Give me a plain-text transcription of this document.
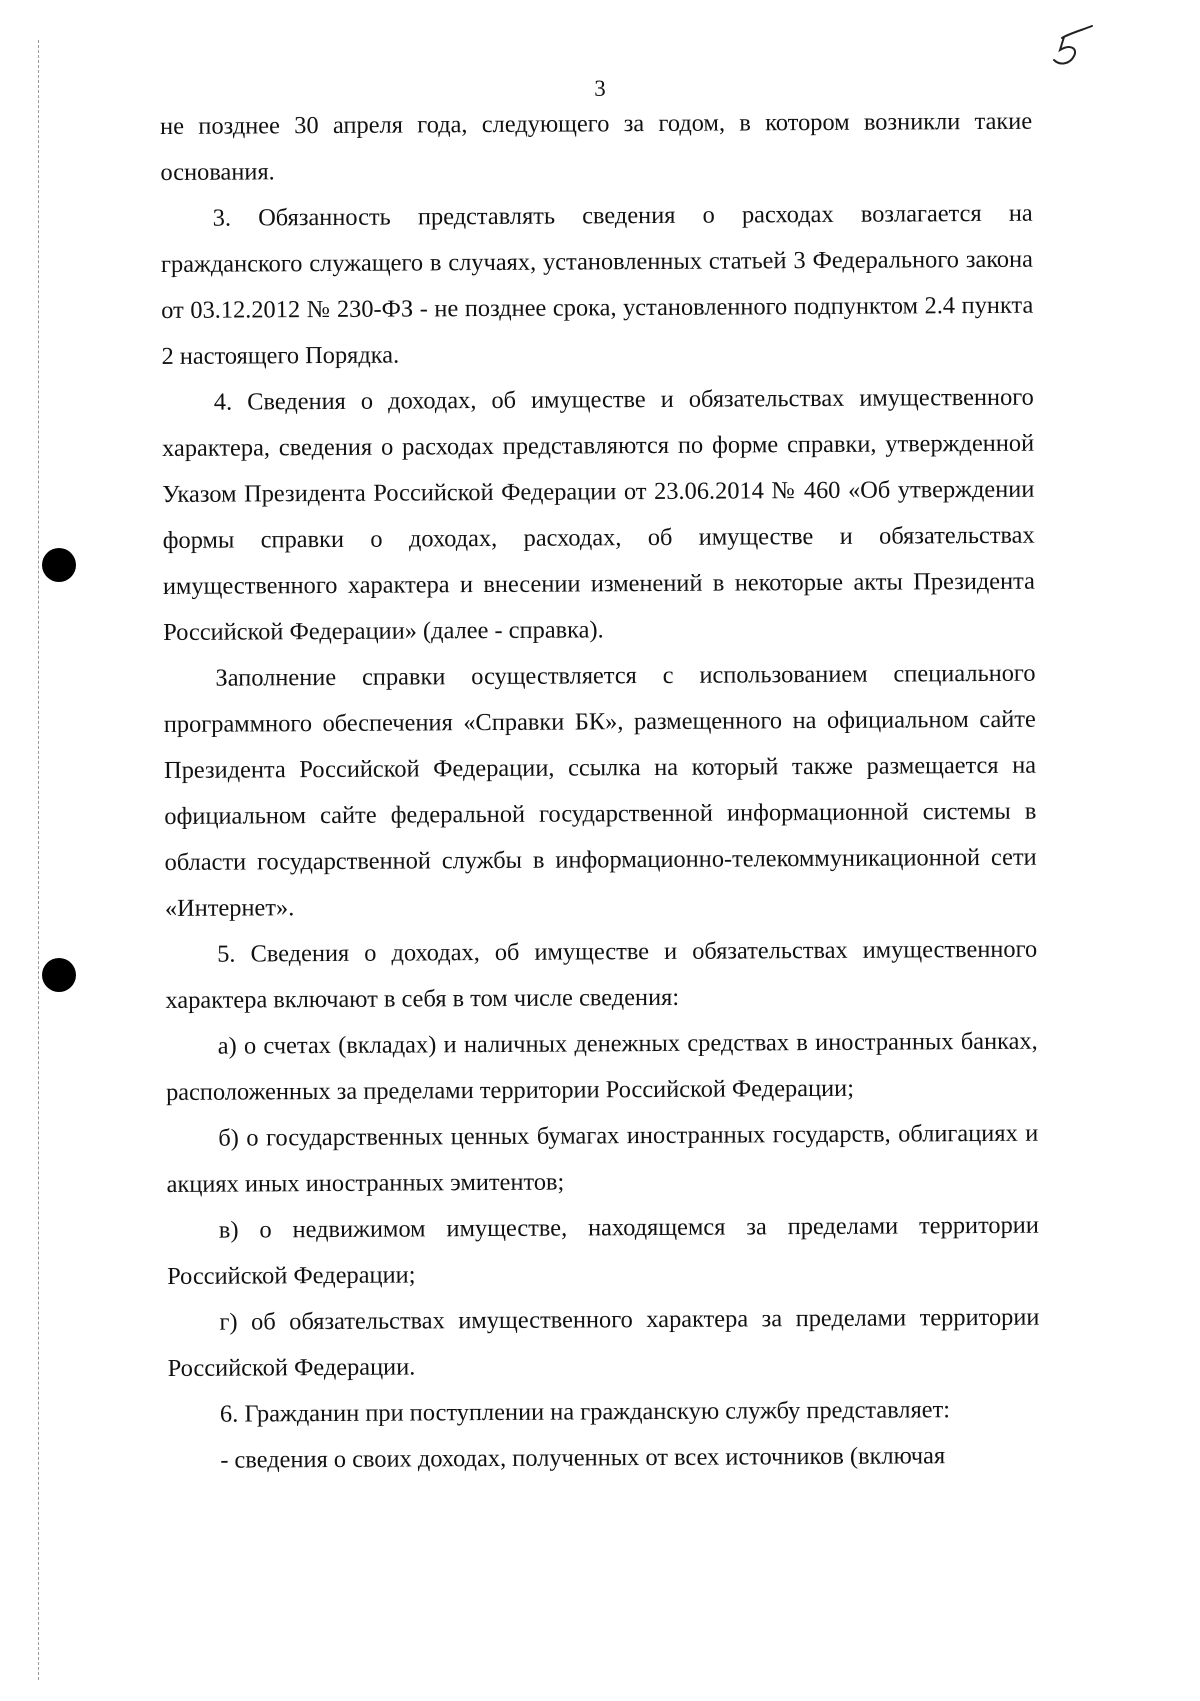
3

не позднее 30 апреля года, следующего за годом, в котором возникли такие основания.

3. Обязанность представлять сведения о расходах возлагается на гражданского служащего в случаях, установленных статьей 3 Федерального закона от 03.12.2012 № 230-ФЗ - не позднее срока, установленного подпунктом 2.4 пункта 2 настоящего Порядка.

4. Сведения о доходах, об имуществе и обязательствах имущественного характера, сведения о расходах представляются по форме справки, утвержденной Указом Президента Российской Федерации от 23.06.2014 № 460 «Об утверждении формы справки о доходах, расходах, об имуществе и обязательствах имущественного характера и внесении изменений в некоторые акты Президента Российской Федерации» (далее - справка).

Заполнение справки осуществляется с использованием специального программного обеспечения «Справки БК», размещенного на официальном сайте Президента Российской Федерации, ссылка на который также размещается на официальном сайте федеральной государственной информационной системы в области государственной службы в информационно-телекоммуникационной сети «Интернет».

5. Сведения о доходах, об имуществе и обязательствах имущественного характера включают в себя в том числе сведения:

а) о счетах (вкладах) и наличных денежных средствах в иностранных банках, расположенных за пределами территории Российской Федерации;

б) о государственных ценных бумагах иностранных государств, облигациях и акциях иных иностранных эмитентов;

в) о недвижимом имуществе, находящемся за пределами территории Российской Федерации;

г) об обязательствах имущественного характера за пределами территории Российской Федерации.

6. Гражданин при поступлении на гражданскую службу представляет:

- сведения о своих доходах, полученных от всех источников (включая
